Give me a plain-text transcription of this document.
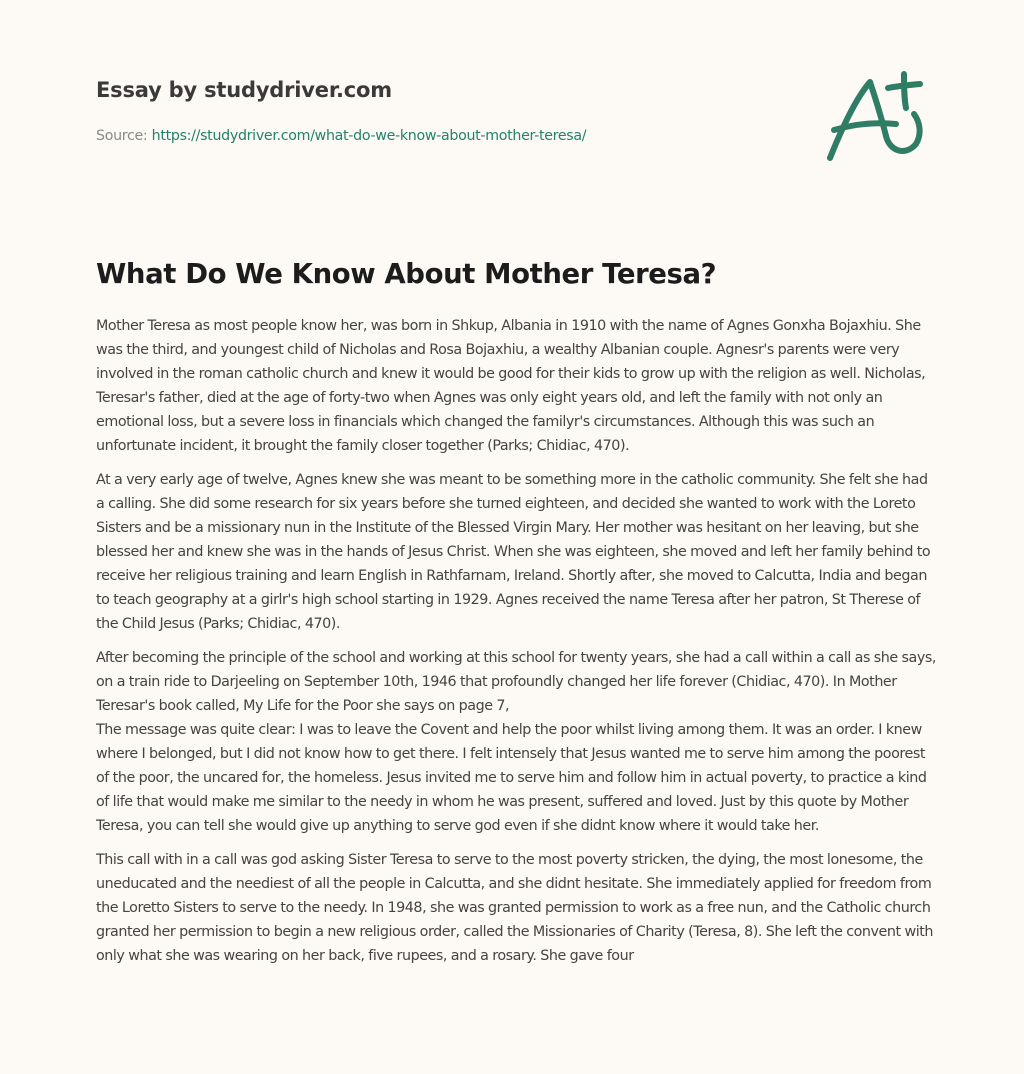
Essay by studydriver.com
Source: https://studydriver.com/what-do-we-know-about-mother-teresa/
What Do We Know About Mother Teresa?

Mother Teresa as most people know her, was born in Shkup, Albania in 1910 with the name of Agnes Gonxha Bojaxhiu. She was the third, and youngest child of Nicholas and Rosa Bojaxhiu, a wealthy Albanian couple. Agnesr's parents were very involved in the roman catholic church and knew it would be good for their kids to grow up with the religion as well. Nicholas, Teresar's father, died at the age of forty-two when Agnes was only eight years old, and left the family with not only an emotional loss, but a severe loss in financials which changed the familyr's circumstances. Although this was such an unfortunate incident, it brought the family closer together (Parks; Chidiac, 470).

At a very early age of twelve, Agnes knew she was meant to be something more in the catholic community. She felt she had a calling. She did some research for six years before she turned eighteen, and decided she wanted to work with the Loreto Sisters and be a missionary nun in the Institute of the Blessed Virgin Mary. Her mother was hesitant on her leaving, but she blessed her and knew she was in the hands of Jesus Christ. When she was eighteen, she moved and left her family behind to receive her religious training and learn English in Rathfarnam, Ireland. Shortly after, she moved to Calcutta, India and began to teach geography at a girlr's high school starting in 1929. Agnes received the name Teresa after her patron, St Therese of the Child Jesus (Parks; Chidiac, 470).

After becoming the principle of the school and working at this school for twenty years, she had a call within a call as she says, on a train ride to Darjeeling on September 10th, 1946 that profoundly changed her life forever (Chidiac, 470). In Mother Teresar's book called, My Life for the Poor she says on page 7,

The message was quite clear: I was to leave the Covent and help the poor whilst living among them. It was an order. I knew where I belonged, but I did not know how to get there. I felt intensely that Jesus wanted me to serve him among the poorest of the poor, the uncared for, the homeless. Jesus invited me to serve him and follow him in actual poverty, to practice a kind of life that would make me similar to the needy in whom he was present, suffered and loved. Just by this quote by Mother Teresa, you can tell she would give up anything to serve god even if she didnt know where it would take her.

This call with in a call was god asking Sister Teresa to serve to the most poverty stricken, the dying, the most lonesome, the uneducated and the neediest of all the people in Calcutta, and she didnt hesitate. She immediately applied for freedom from the Loretto Sisters to serve to the needy. In 1948, she was granted permission to work as a free nun, and the Catholic church granted her permission to begin a new religious order, called the Missionaries of Charity (Teresa, 8). She left the convent with only what she was wearing on her back, five rupees, and a rosary. She gave four
